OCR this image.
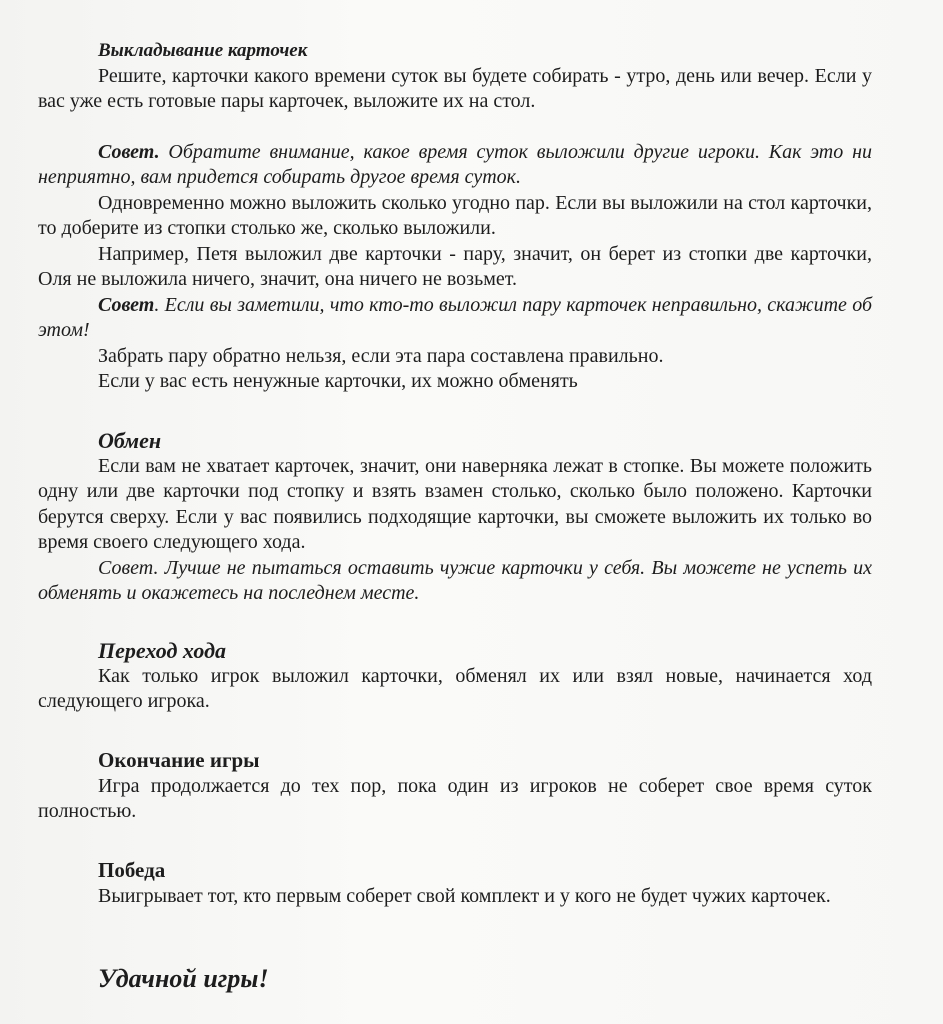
Выкладывание карточек

Решите, карточки какого времени суток вы будете собирать - утро, день или вечер. Если у вас уже есть готовые пары карточек, выложите их на стол.

Совет. Обратите внимание, какое время суток выложили другие игроки. Как это ни неприятно, вам придется собирать другое время суток.

Одновременно можно выложить сколько угодно пар. Если вы выложили на стол карточки, то доберите из стопки столько же, сколько выложили.

Например, Петя выложил две карточки - пару, значит, он берет из стопки две карточки, Оля не выложила ничего, значит, она ничего не возьмет.

Совет. Если вы заметили, что кто-то выложил пару карточек неправильно, скажите об этом!

Забрать пару обратно нельзя, если эта пара составлена правильно.

Если у вас есть ненужные карточки, их можно обменять

Обмен

Если вам не хватает карточек, значит, они наверняка лежат в стопке. Вы можете положить одну или две карточки под стопку и взять взамен столько, сколько было положено. Карточки берутся сверху. Если у вас появились подходящие карточки, вы сможете выложить их только во время своего следующего хода.

Совет. Лучше не пытаться оставить чужие карточки у себя. Вы можете не успеть их обменять и окажетесь на последнем месте.

Переход хода

Как только игрок выложил карточки, обменял их или взял новые, начинается ход следующего игрока.

Окончание игры

Игра продолжается до тех пор, пока один из игроков не соберет свое время суток полностью.

Победа

Выигрывает тот, кто первым соберет свой комплект и у кого не будет чужих карточек.

Удачной игры!
